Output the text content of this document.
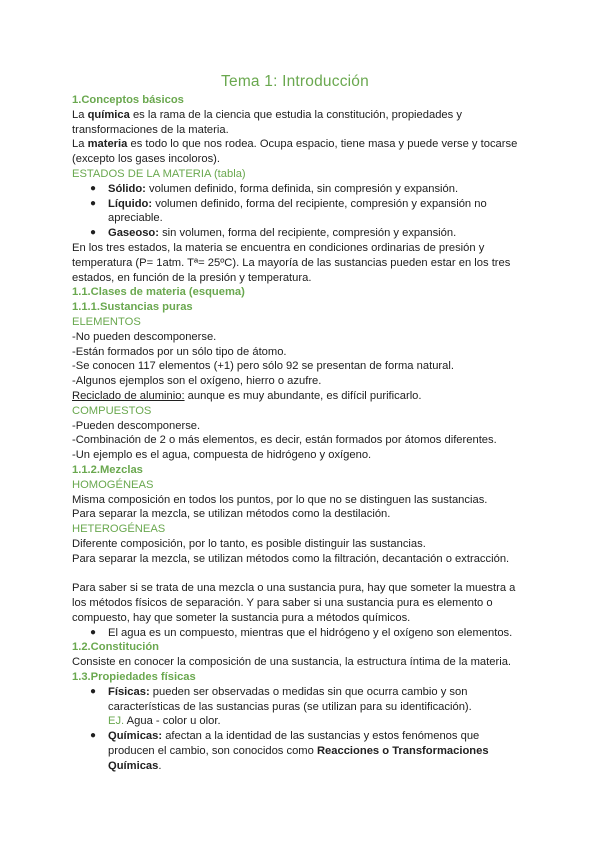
Tema 1: Introducción

1.Conceptos básicos

La química es la rama de la ciencia que estudia la constitución, propiedades y transformaciones de la materia.

La materia es todo lo que nos rodea. Ocupa espacio, tiene masa y puede verse y tocarse (excepto los gases incoloros).

ESTADOS DE LA MATERIA (tabla)

● Sólido: volumen definido, forma definida, sin compresión y expansión.
● Líquido: volumen definido, forma del recipiente, compresión y expansión no apreciable.
● Gaseoso: sin volumen, forma del recipiente, compresión y expansión.

En los tres estados, la materia se encuentra en condiciones ordinarias de presión y temperatura (P= 1atm. Tª= 25ºC). La mayoría de las sustancias pueden estar en los tres estados, en función de la presión y temperatura.

1.1.Clases de materia (esquema)

1.1.1.Sustancias puras

ELEMENTOS

-No pueden descomponerse.

-Están formados por un sólo tipo de átomo.

-Se conocen 117 elementos (+1) pero sólo 92 se presentan de forma natural.

-Algunos ejemplos son el oxígeno, hierro o azufre.

Reciclado de aluminio: aunque es muy abundante, es difícil purificarlo.

COMPUESTOS

-Pueden descomponerse.

-Combinación de 2 o más elementos, es decir, están formados por átomos diferentes.

-Un ejemplo es el agua, compuesta de hidrógeno y oxígeno.

1.1.2.Mezclas

HOMOGÉNEAS

Misma composición en todos los puntos, por lo que no se distinguen las sustancias.

Para separar la mezcla, se utilizan métodos como la destilación.

HETEROGÉNEAS

Diferente composición, por lo tanto, es posible distinguir las sustancias.

Para separar la mezcla, se utilizan métodos como la filtración, decantación o extracción.

Para saber si se trata de una mezcla o una sustancia pura, hay que someter la muestra a los métodos físicos de separación. Y para saber si una sustancia pura es elemento o compuesto, hay que someter la sustancia pura a métodos químicos.

● El agua es un compuesto, mientras que el hidrógeno y el oxígeno son elementos.

1.2.Constitución

Consiste en conocer la composición de una sustancia, la estructura íntima de la materia.

1.3.Propiedades físicas

● Físicas: pueden ser observadas o medidas sin que ocurra cambio y son características de las sustancias puras (se utilizan para su identificación).
EJ. Agua - color u olor.
● Químicas: afectan a la identidad de las sustancias y estos fenómenos que producen el cambio, son conocidos como Reacciones o Transformaciones Químicas.
